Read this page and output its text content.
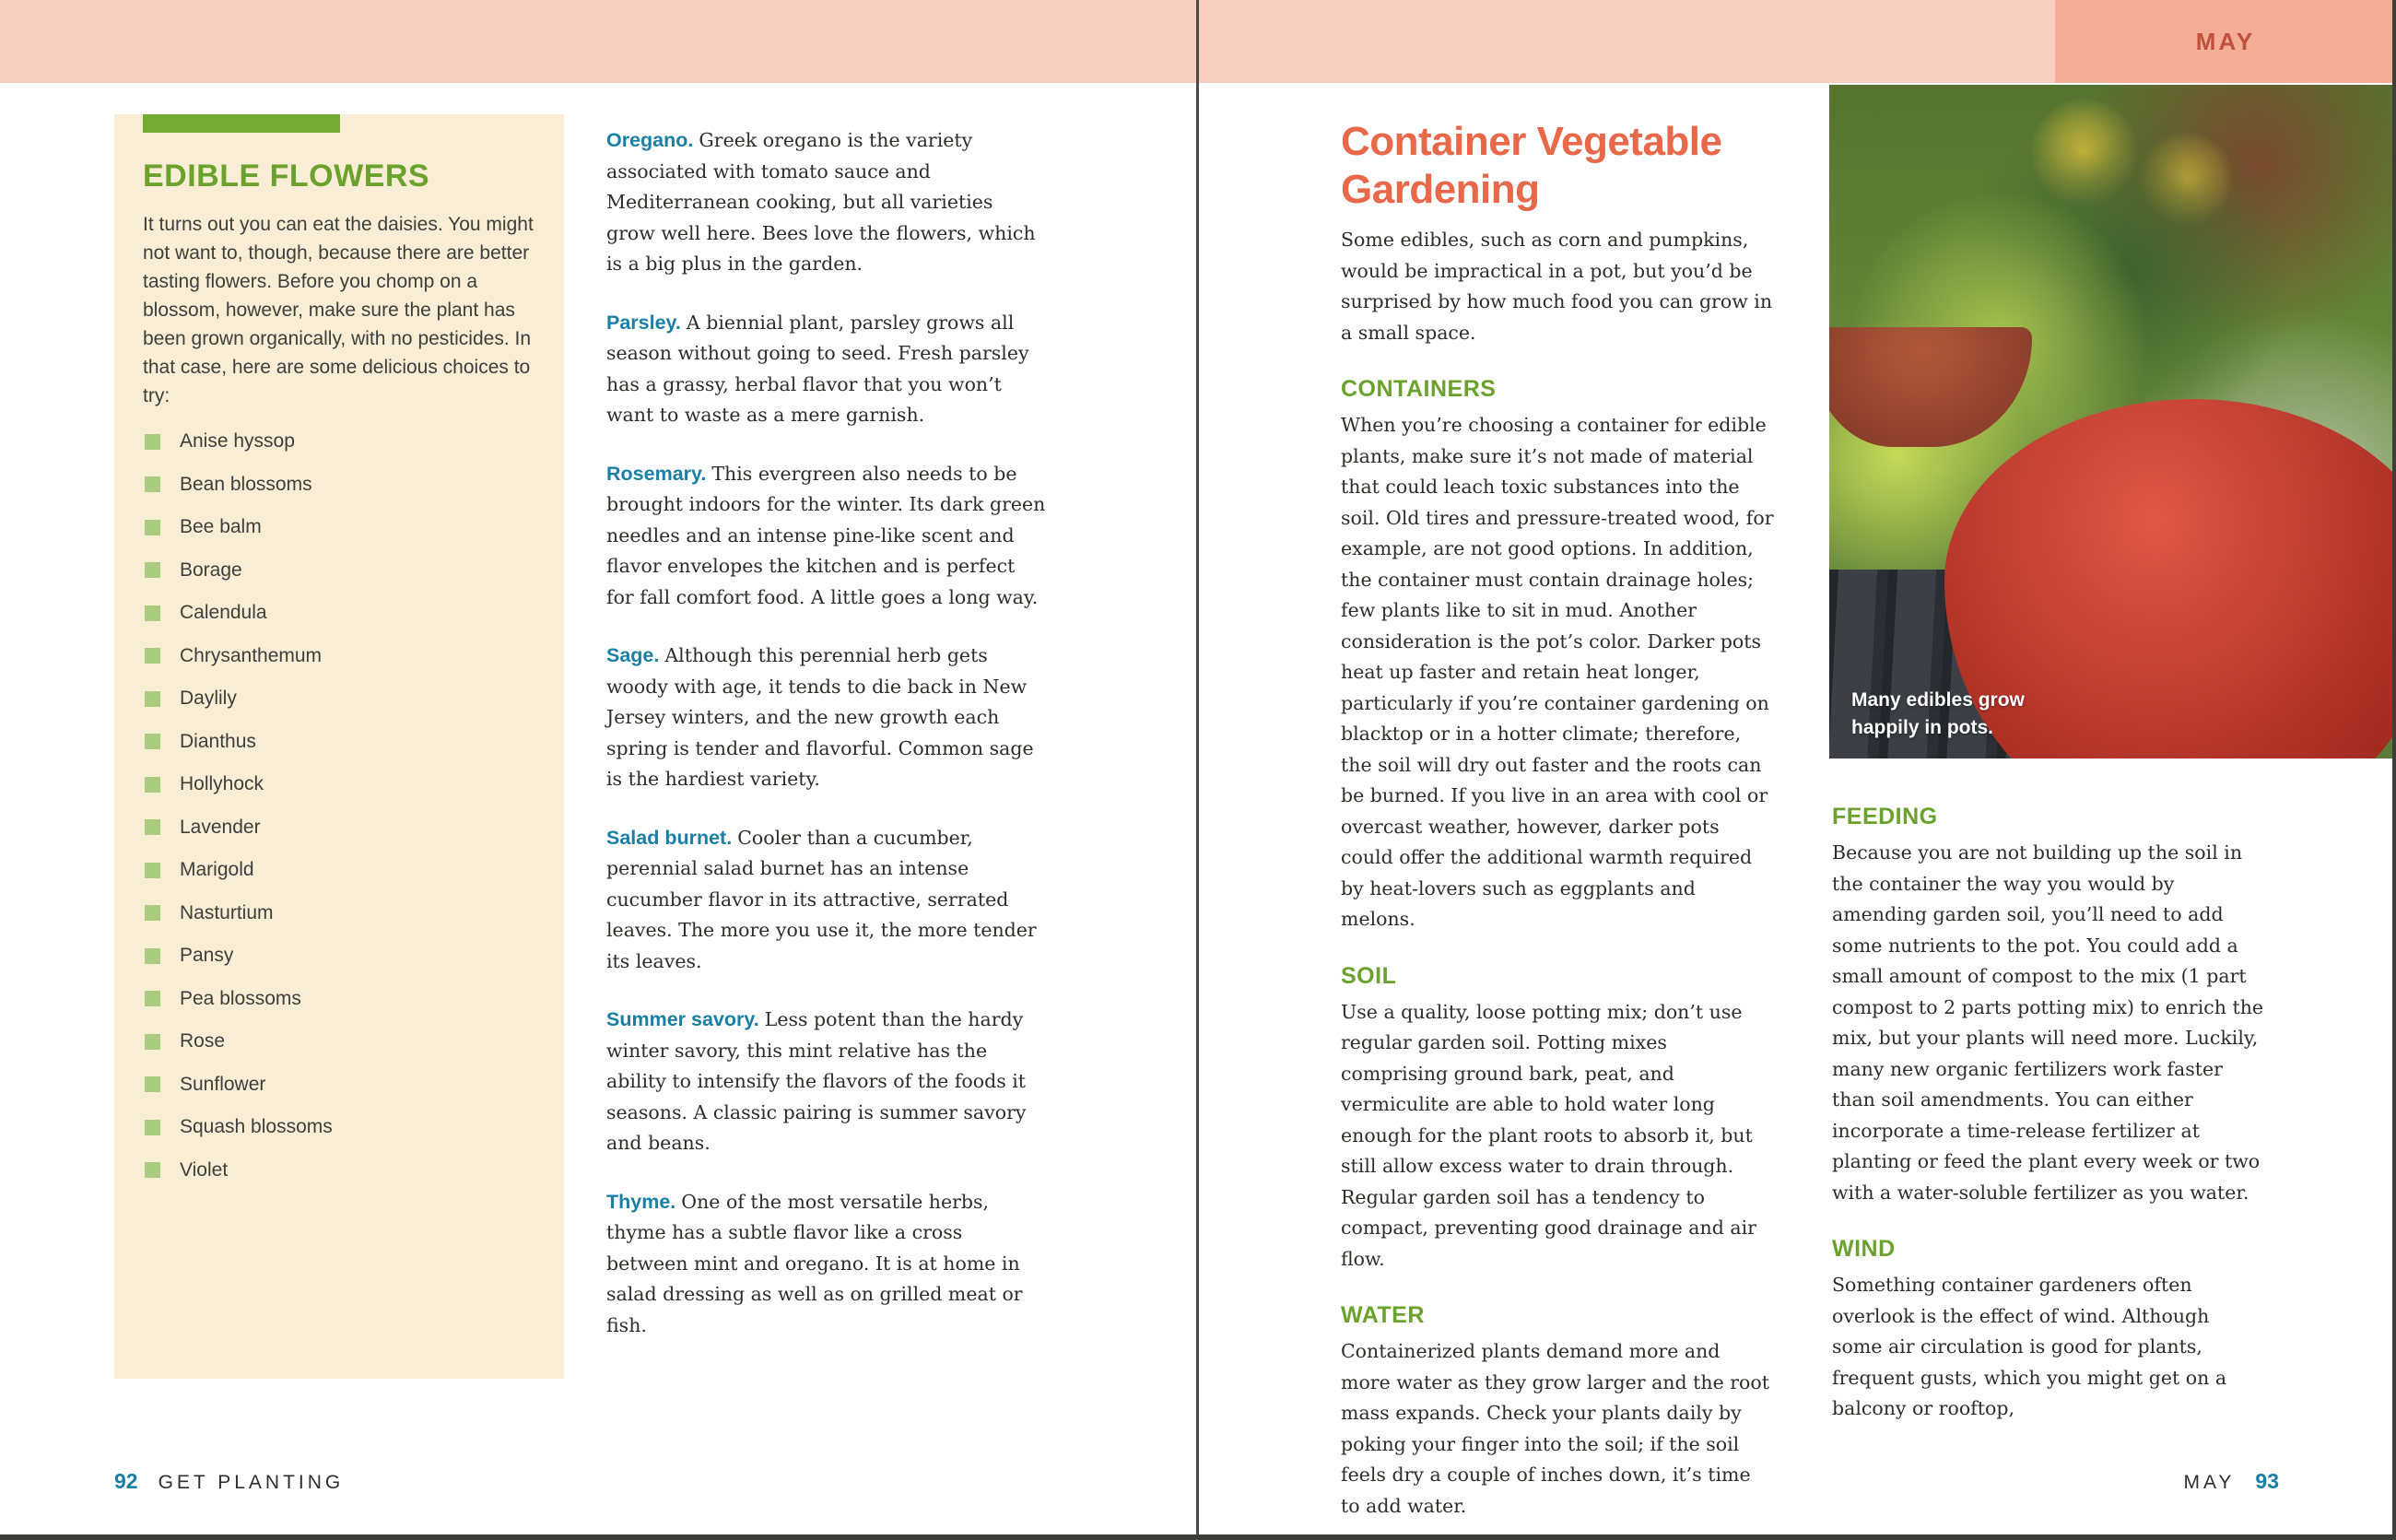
MAY
EDIBLE FLOWERS

It turns out you can eat the daisies. You might not want to, though, because there are better tasting flowers. Before you chomp on a blossom, however, make sure the plant has been grown organically, with no pesticides. In that case, here are some delicious choices to try:

Anise hyssop
Bean blossoms
Bee balm
Borage
Calendula
Chrysanthemum
Daylily
Dianthus
Hollyhock
Lavender
Marigold
Nasturtium
Pansy
Pea blossoms
Rose
Sunflower
Squash blossoms
Violet

Oregano. Greek oregano is the variety associated with tomato sauce and Mediterranean cooking, but all varieties grow well here. Bees love the flowers, which is a big plus in the garden.

Parsley. A biennial plant, parsley grows all season without going to seed. Fresh parsley has a grassy, herbal flavor that you won’t want to waste as a mere garnish.

Rosemary. This evergreen also needs to be brought indoors for the winter. Its dark green needles and an intense pine-like scent and flavor envelopes the kitchen and is perfect for fall comfort food. A little goes a long way.

Sage. Although this perennial herb gets woody with age, it tends to die back in New Jersey winters, and the new growth each spring is tender and flavorful. Common sage is the hardiest variety.

Salad burnet. Cooler than a cucumber, perennial salad burnet has an intense cucumber flavor in its attractive, serrated leaves. The more you use it, the more tender its leaves.

Summer savory. Less potent than the hardy winter savory, this mint relative has the ability to intensify the flavors of the foods it seasons. A classic pairing is summer savory and beans.

Thyme. One of the most versatile herbs, thyme has a subtle flavor like a cross between mint and oregano. It is at home in salad dressing as well as on grilled meat or fish.

92 GET PLANTING
Container Vegetable Gardening

Some edibles, such as corn and pumpkins, would be impractical in a pot, but you’d be surprised by how much food you can grow in a small space.

CONTAINERS

When you’re choosing a container for edible plants, make sure it’s not made of material that could leach toxic substances into the soil. Old tires and pressure-treated wood, for example, are not good options. In addition, the container must contain drainage holes; few plants like to sit in mud. Another consideration is the pot’s color. Darker pots heat up faster and retain heat longer, particularly if you’re container gardening on blacktop or in a hotter climate; therefore, the soil will dry out faster and the roots can be burned. If you live in an area with cool or overcast weather, however, darker pots could offer the additional warmth required by heat-lovers such as eggplants and melons.

SOIL

Use a quality, loose potting mix; don’t use regular garden soil. Potting mixes comprising ground bark, peat, and vermiculite are able to hold water long enough for the plant roots to absorb it, but still allow excess water to drain through. Regular garden soil has a tendency to compact, preventing good drainage and air flow.

WATER

Containerized plants demand more and more water as they grow larger and the root mass expands. Check your plants daily by poking your finger into the soil; if the soil feels dry a couple of inches down, it’s time to add water.

Many edibles grow happily in pots.
FEEDING

Because you are not building up the soil in the container the way you would by amending garden soil, you’ll need to add some nutrients to the pot. You could add a small amount of compost to the mix (1 part compost to 2 parts potting mix) to enrich the mix, but your plants will need more. Luckily, many new organic fertilizers work faster than soil amendments. You can either incorporate a time-release fertilizer at planting or feed the plant every week or two with a water-soluble fertilizer as you water.

WIND

Something container gardeners often overlook is the effect of wind. Although some air circulation is good for plants, frequent gusts, which you might get on a balcony or rooftop,

MAY 93
